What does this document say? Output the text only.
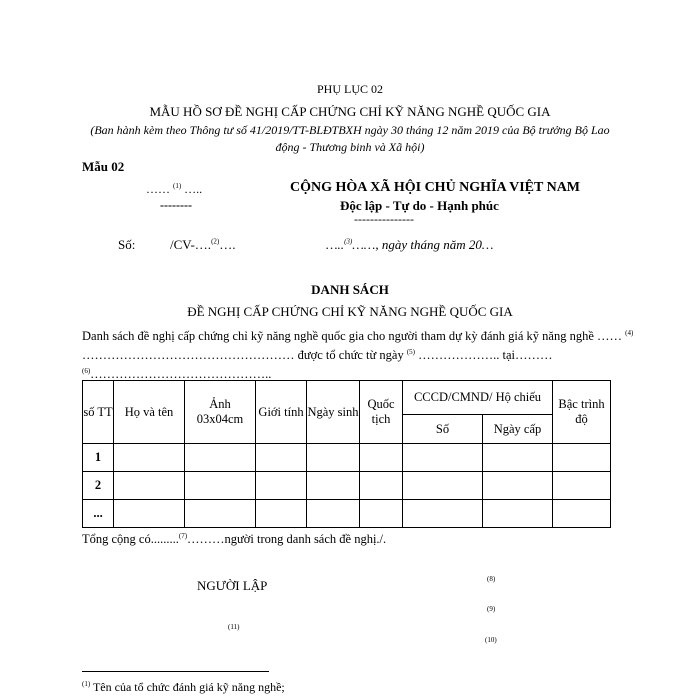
PHỤ LỤC 02
MẪU HỒ SƠ ĐỀ NGHỊ CẤP CHỨNG CHỈ KỸ NĂNG NGHỀ QUỐC GIA
(Ban hành kèm theo Thông tư số 41/2019/TT-BLĐTBXH ngày 30 tháng 12 năm 2019 của Bộ trưởng Bộ Lao động - Thương binh và Xã hội)
Mẫu 02
…… $^{(1)}$ …..
--------
CỘNG HÒA XÃ HỘI CHỦ NGHĨA VIỆT NAM
Độc lập - Tự do - Hạnh phúc
---------------
Số:	/CV-….$^{(2)}$….	…..$^{(3)}$……, ngày tháng năm 20…
DANH SÁCH
ĐỀ NGHỊ CẤP CHỨNG CHỈ KỸ NĂNG NGHỀ QUỐC GIA
Danh sách đề nghị cấp chứng chỉ kỹ năng nghề quốc gia cho người tham dự kỳ đánh giá kỹ năng nghề …… $^{(4)}$ …………………………………………… được tổ chức từ ngày $^{(5)}$ ……………….. tại……… $^{(6)}$……………………………………..
số TT	Họ và tên	Ảnh 03x04cm	Giới tính	Ngày sinh	Quốc tịch	CCCD/CMND/ Hộ chiếu		Bậc trình độ
						Số	Ngày cấp	
1								
2								
...								
Tổng cộng có.........$^{(7)}$………người trong danh sách đề nghị./.
NGƯỜI LẬP	(8)
(9)
(10)
(11)
$^{(1)}$ Tên của tổ chức đánh giá kỹ năng nghề;
